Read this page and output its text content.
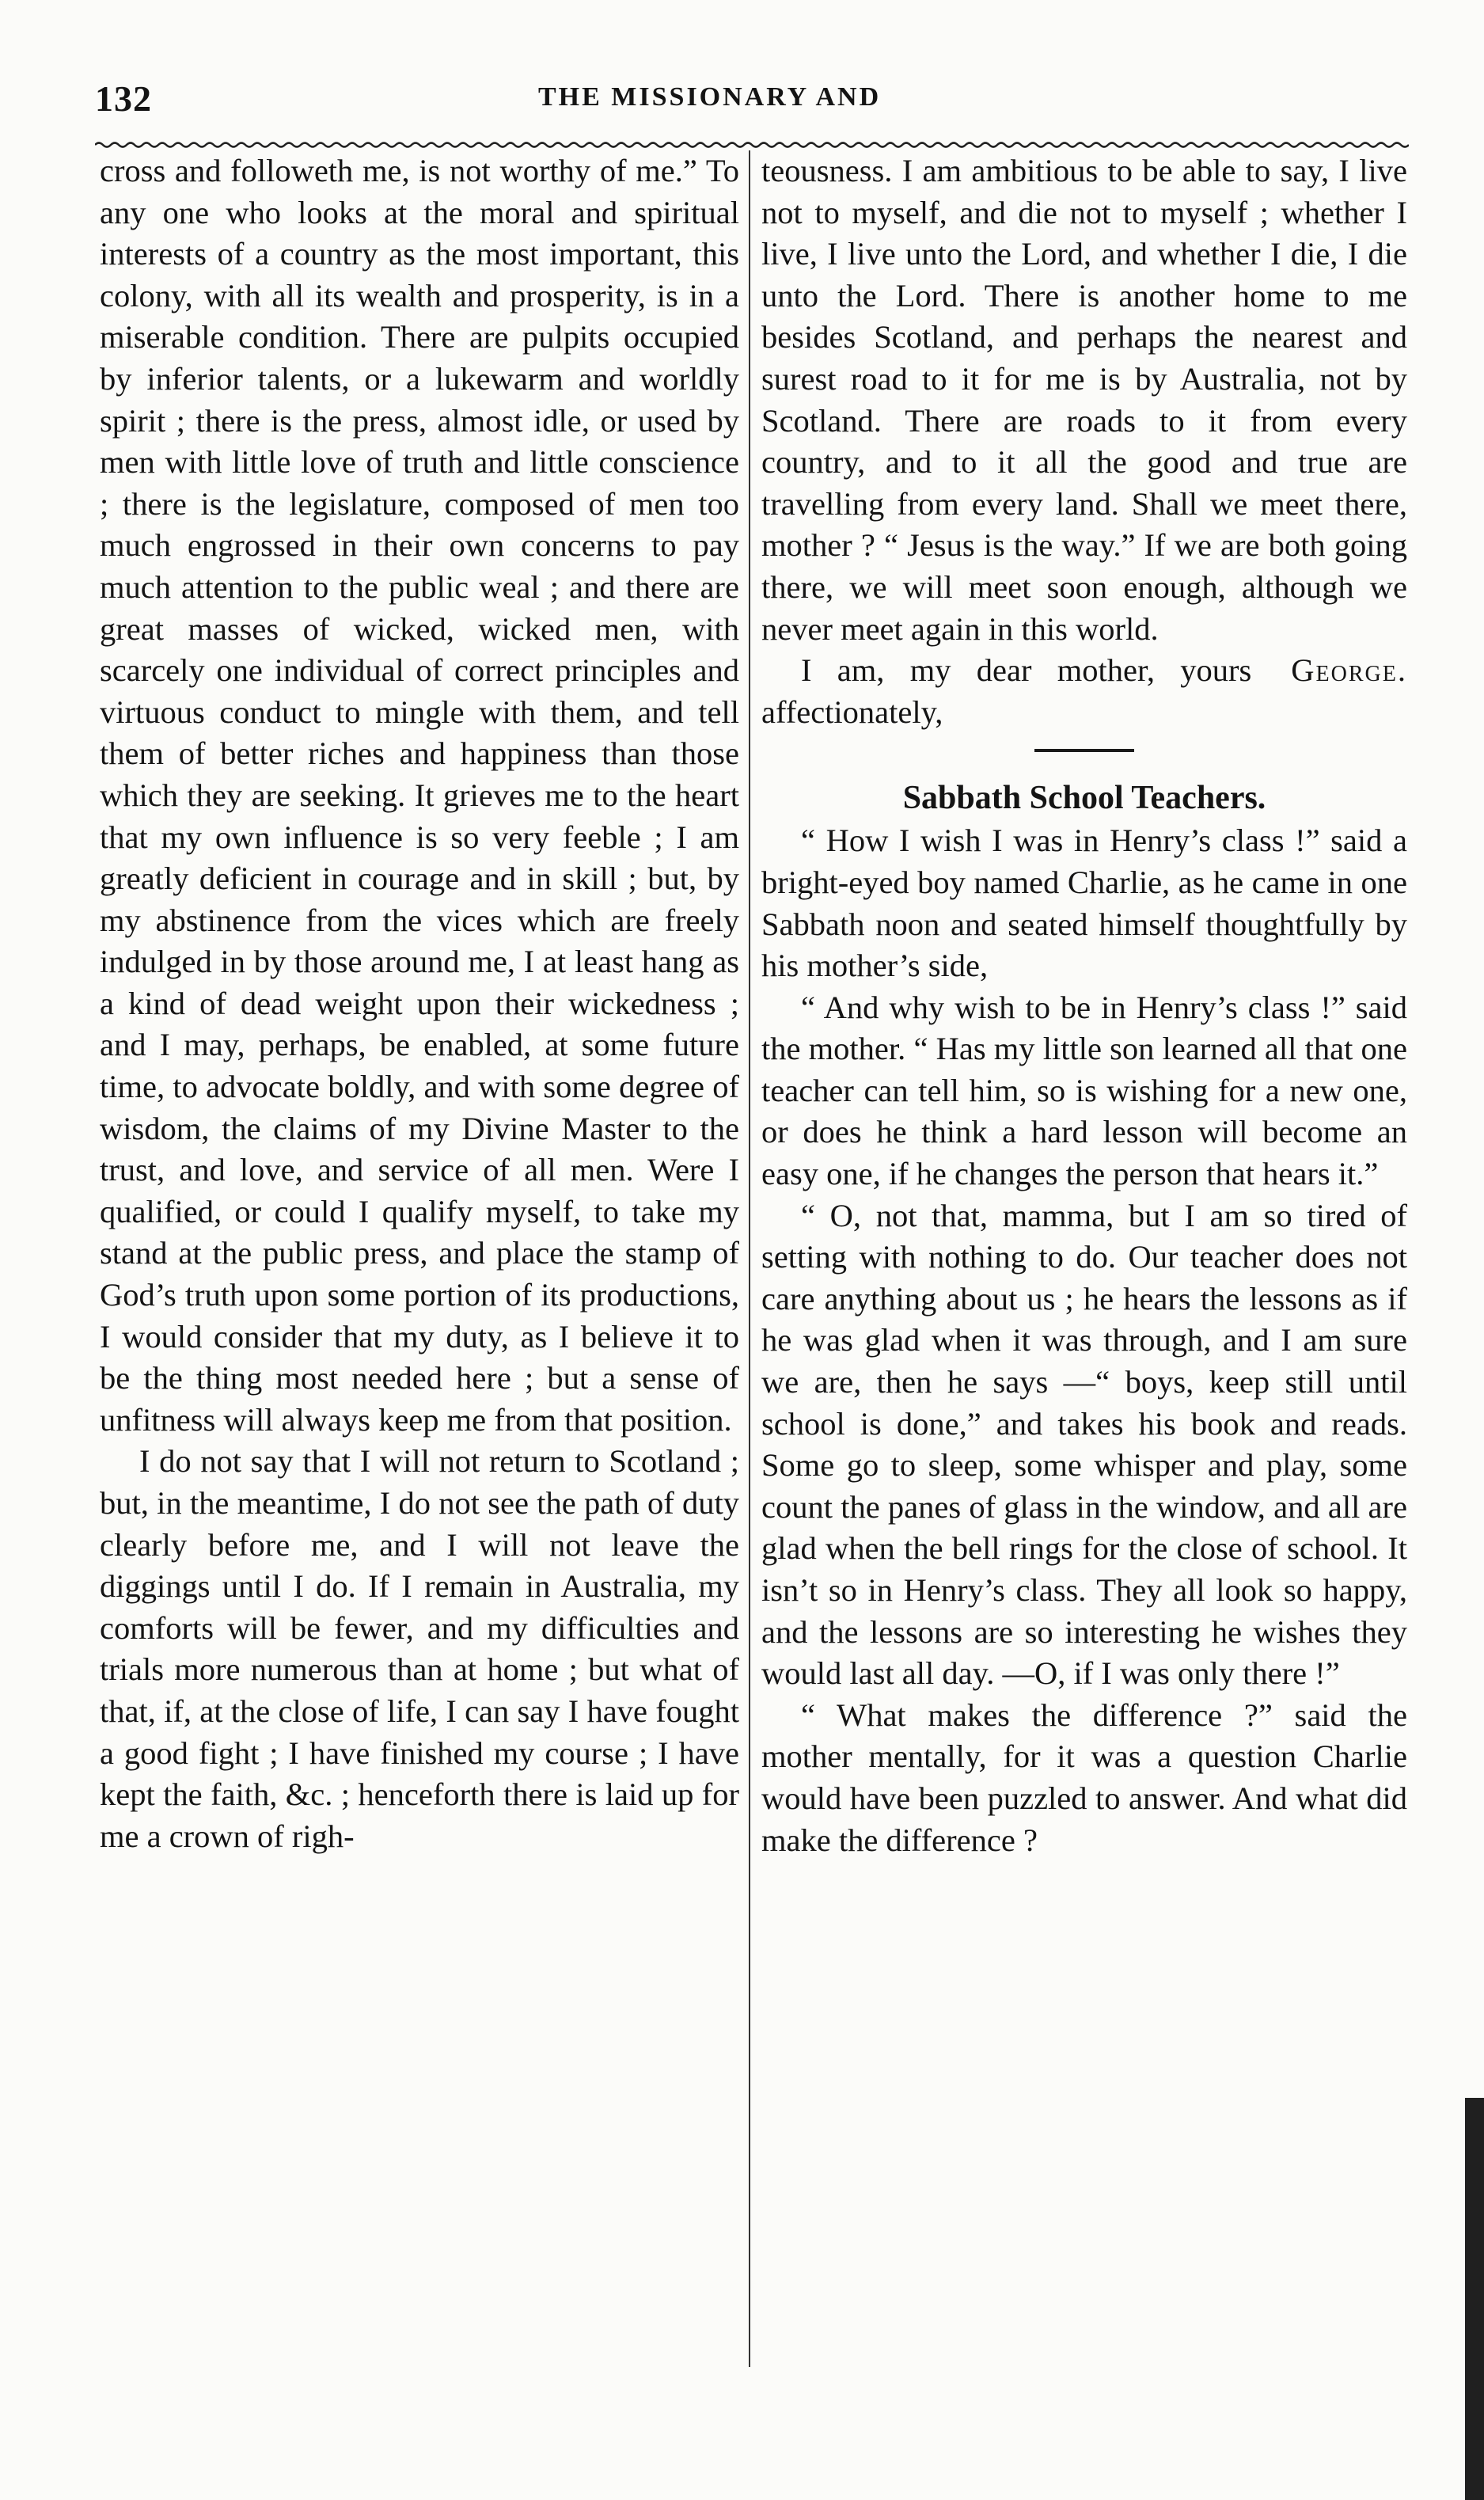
132	THE MISSIONARY AND

cross and followeth me, is not worthy of me.” To any one who looks at the moral and spiritual interests of a country as the most important, this colony, with all its wealth and prosperity, is in a miserable condition. There are pulpits occupied by inferior talents, or a lukewarm and worldly spirit ; there is the press, almost idle, or used by men with little love of truth and little conscience ; there is the legislature, composed of men too much engrossed in their own concerns to pay much attention to the public weal ; and there are great masses of wicked, wicked men, with scarcely one individual of correct principles and virtuous conduct to mingle with them, and tell them of better riches and happiness than those which they are seeking. It grieves me to the heart that my own influence is so very feeble ; I am greatly deficient in courage and in skill ; but, by my abstinence from the vices which are freely indulged in by those around me, I at least hang as a kind of dead weight upon their wickedness ; and I may, perhaps, be enabled, at some future time, to advocate boldly, and with some degree of wisdom, the claims of my Divine Master to the trust, and love, and service of all men. Were I qualified, or could I qualify myself, to take my stand at the public press, and place the stamp of God’s truth upon some portion of its productions, I would consider that my duty, as I believe it to be the thing most needed here ; but a sense of unfitness will always keep me from that position.

I do not say that I will not return to Scotland ; but, in the meantime, I do not see the path of duty clearly before me, and I will not leave the diggings until I do. If I remain in Australia, my comforts will be fewer, and my difficulties and trials more numerous than at home ; but what of that, if, at the close of life, I can say I have fought a good fight ; I have finished my course ; I have kept the faith, &c. ; henceforth there is laid up for me a crown of righ-

teousness. I am ambitious to be able to say, I live not to myself, and die not to myself ; whether I live, I live unto the Lord, and whether I die, I die unto the Lord. There is another home to me besides Scotland, and perhaps the nearest and surest road to it for me is by Australia, not by Scotland. There are roads to it from every country, and to it all the good and true are travelling from every land. Shall we meet there, mother ? “ Jesus is the way.” If we are both going there, we will meet soon enough, although we never meet again in this world.

I am, my dear mother, yours affectionately,
George.

Sabbath School Teachers.

“ How I wish I was in Henry’s class !” said a bright-eyed boy named Charlie, as he came in one Sabbath noon and seated himself thoughtfully by his mother’s side,

“ And why wish to be in Henry’s class !” said the mother. “ Has my little son learned all that one teacher can tell him, so is wishing for a new one, or does he think a hard lesson will become an easy one, if he changes the person that hears it.”

“ O, not that, mamma, but I am so tired of setting with nothing to do. Our teacher does not care anything about us ; he hears the lessons as if he was glad when it was through, and I am sure we are, then he says —“ boys, keep still until school is done,” and takes his book and reads. Some go to sleep, some whisper and play, some count the panes of glass in the window, and all are glad when the bell rings for the close of school. It isn’t so in Henry’s class. They all look so happy, and the lessons are so interesting he wishes they would last all day. —O, if I was only there !”

“ What makes the difference ?” said the mother mentally, for it was a question Charlie would have been puzzled to answer. And what did make the difference ?
